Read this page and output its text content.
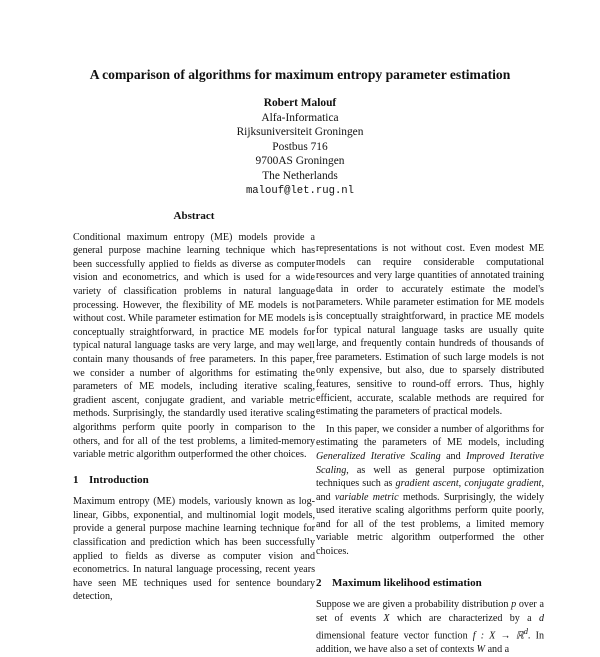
A comparison of algorithms for maximum entropy parameter estimation
Robert Malouf
Alfa-Informatica
Rijksuniversiteit Groningen
Postbus 716
9700AS Groningen
The Netherlands
malouf@let.rug.nl
Abstract

Conditional maximum entropy (ME) models provide a general purpose machine learning technique which has been successfully applied to fields as diverse as computer vision and econometrics, and which is used for a wide variety of classification problems in natural language processing. However, the flexibility of ME models is not without cost. While parameter estimation for ME models is conceptually straightforward, in practice ME models for typical natural language tasks are very large, and may well contain many thousands of free parameters. In this paper, we consider a number of algorithms for estimating the parameters of ME models, including iterative scaling, gradient ascent, conjugate gradient, and variable metric methods. Surprisingly, the standardly used iterative scaling algorithms perform quite poorly in comparison to the others, and for all of the test problems, a limited-memory variable metric algorithm outperformed the other choices.

1 Introduction

Maximum entropy (ME) models, variously known as log-linear, Gibbs, exponential, and multinomial logit models, provide a general purpose machine learning technique for classification and prediction which has been successfully applied to fields as diverse as computer vision and econometrics. In natural language processing, recent years have seen ME techniques used for sentence boundary detection,

representations is not without cost. Even modest ME models can require considerable computational resources and very large quantities of annotated training data in order to accurately estimate the model's parameters. While parameter estimation for ME models is conceptually straightforward, in practice ME models for typical natural language tasks are usually quite large, and frequently contain hundreds of thousands of free parameters. Estimation of such large models is not only expensive, but also, due to sparsely distributed features, sensitive to round-off errors. Thus, highly efficient, accurate, scalable methods are required for estimating the parameters of practical models.

In this paper, we consider a number of algorithms for estimating the parameters of ME models, including Generalized Iterative Scaling and Improved Iterative Scaling, as well as general purpose optimization techniques such as gradient ascent, conjugate gradient, and variable metric methods. Surprisingly, the widely used iterative scaling algorithms perform quite poorly, and for all of the test problems, a limited memory variable metric algorithm outperformed the other choices.

2 Maximum likelihood estimation

Suppose we are given a probability distribution p over a set of events X which are characterized by a d dimensional feature vector function f : X → ℝ$^d$. In addition, we have also a set of contexts W and a
